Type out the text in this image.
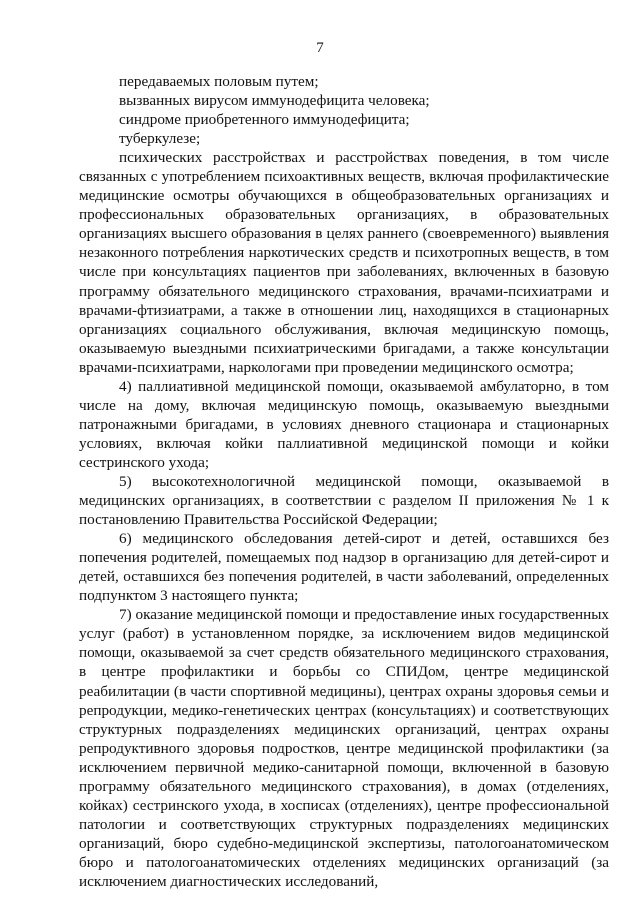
7

передаваемых половым путем;

вызванных вирусом иммунодефицита человека;

синдроме приобретенного иммунодефицита;

туберкулезе;

психических расстройствах и расстройствах поведения, в том числе связанных с употреблением психоактивных веществ, включая профилактические медицинские осмотры обучающихся в общеобразовательных организациях и профессиональных образовательных организациях, в образовательных организациях высшего образования в целях раннего (своевременного) выявления незаконного потребления наркотических средств и психотропных веществ, в том числе при консультациях пациентов при заболеваниях, включенных в базовую программу обязательного медицинского страхования, врачами-психиатрами и врачами-фтизиатрами, а также в отношении лиц, находящихся в стационарных организациях социального обслуживания, включая медицинскую помощь, оказываемую выездными психиатрическими бригадами, а также консультации врачами-психиатрами, наркологами при проведении медицинского осмотра;

4) паллиативной медицинской помощи, оказываемой амбулаторно, в том числе на дому, включая медицинскую помощь, оказываемую выездными патронажными бригадами, в условиях дневного стационара и стационарных условиях, включая койки паллиативной медицинской помощи и койки сестринского ухода;

5) высокотехнологичной медицинской помощи, оказываемой в медицинских организациях, в соответствии с разделом II приложения № 1 к постановлению Правительства Российской Федерации;

6) медицинского обследования детей-сирот и детей, оставшихся без попечения родителей, помещаемых под надзор в организацию для детей-сирот и детей, оставшихся без попечения родителей, в части заболеваний, определенных подпунктом 3 настоящего пункта;

7) оказание медицинской помощи и предоставление иных государственных услуг (работ) в установленном порядке, за исключением видов медицинской помощи, оказываемой за счет средств обязательного медицинского страхования, в центре профилактики и борьбы со СПИДом, центре медицинской реабилитации (в части спортивной медицины), центрах охраны здоровья семьи и репродукции, медико-генетических центрах (консультациях) и соответствующих структурных подразделениях медицинских организаций, центрах охраны репродуктивного здоровья подростков, центре медицинской профилактики (за исключением первичной медико-санитарной помощи, включенной в базовую программу обязательного медицинского страхования), в домах (отделениях, койках) сестринского ухода, в хосписах (отделениях), центре профессиональной патологии и соответствующих структурных подразделениях медицинских организаций, бюро судебно-медицинской экспертизы, патологоанатомическом бюро и патологоанатомических отделениях медицинских организаций (за исключением диагностических исследований,
